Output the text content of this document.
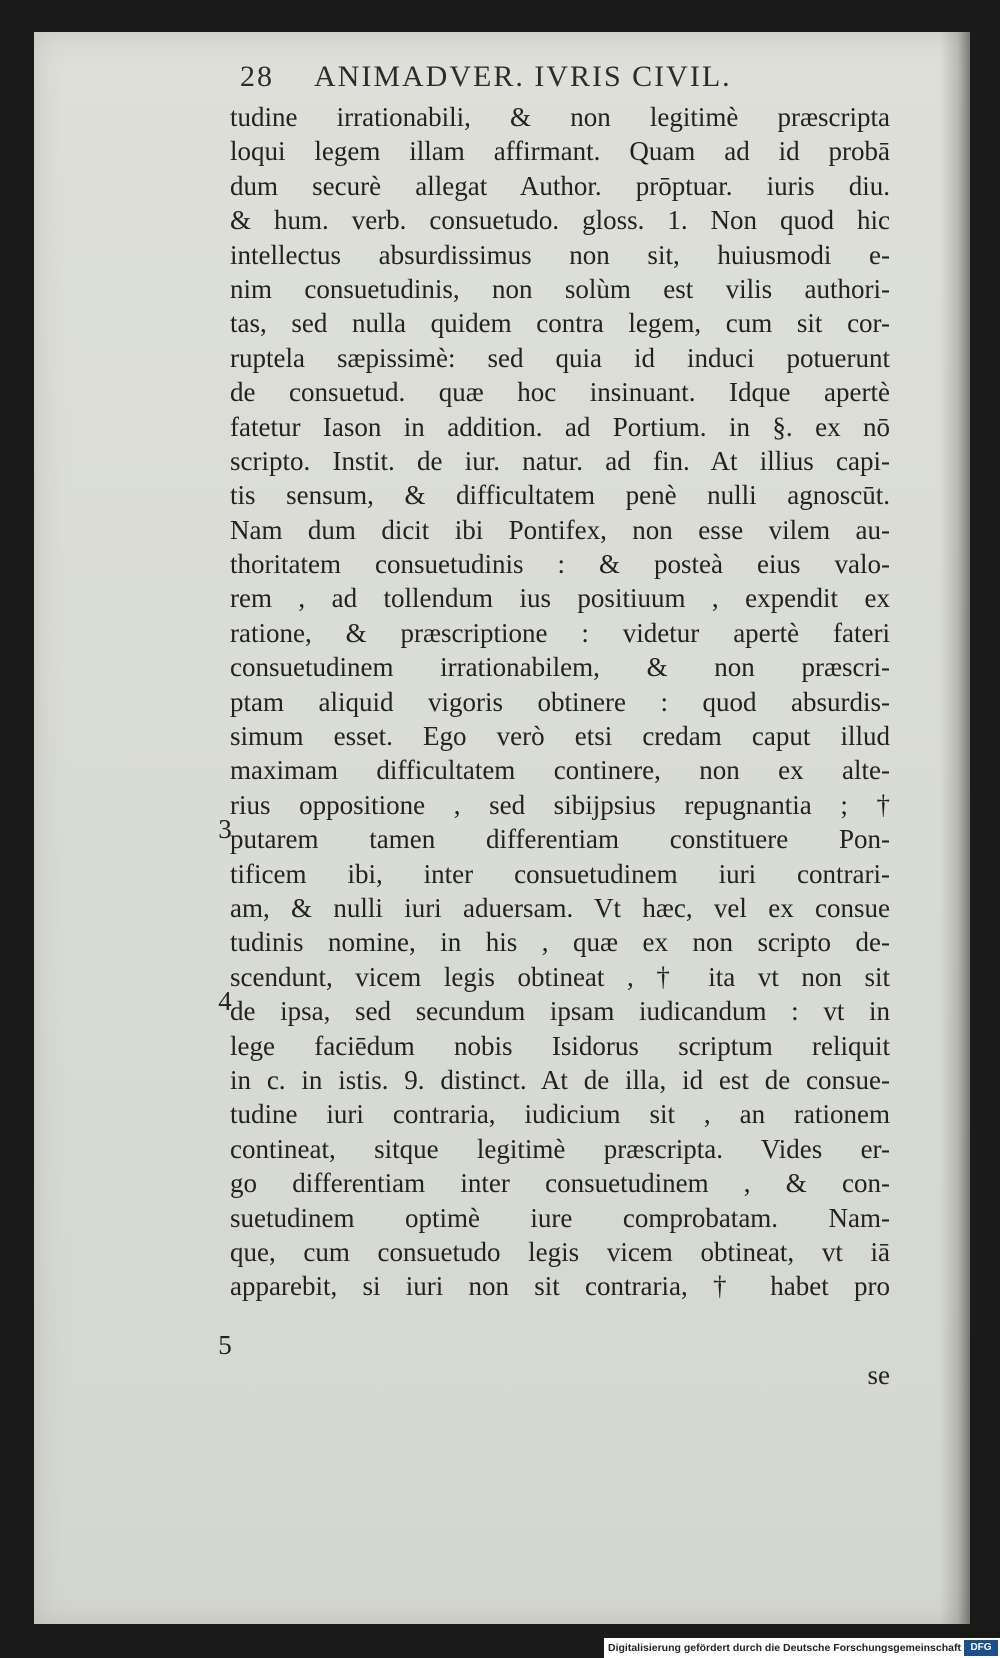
28 ANIMADVER. IVRIS CIVIL.
tudine irrationabili, & non legitimè præscripta
loqui legem illam affirmant. Quam ad id probā
dum securè allegat Author. prōptuar. iuris diu.
& hum. verb. consuetudo. gloss. 1. Non quod hic
intellectus absurdissimus non sit, huiusmodi e-
nim consuetudinis, non solùm est vilis authori-
tas, sed nulla quidem contra legem, cum sit cor-
ruptela sæpissimè: sed quia id induci potuerunt
de consuetud. quæ hoc insinuant. Idque apertè
fatetur Iason in addition. ad Portium. in §. ex nō
scripto. Instit. de iur. natur. ad fin. At illius capi-
tis sensum, & difficultatem penè nulli agnoscūt.
Nam dum dicit ibi Pontifex, non esse vilem au-
thoritatem consuetudinis : & posteà eius valo-
rem , ad tollendum ius positiuum , expendit ex
ratione, & præscriptione : videtur apertè fateri
consuetudinem irrationabilem, & non præscri-
ptam aliquid vigoris obtinere : quod absurdis-
simum esset. Ego verò etsi credam caput illud
maximam difficultatem continere, non ex alte-
rius oppositione , sed sibijpsius repugnantia ; †
putarem tamen differentiam constituere Pon-
tificem ibi, inter consuetudinem iuri contrari-
am, & nulli iuri aduersam. Vt hæc, vel ex consue
tudinis nomine, in his , quæ ex non scripto de-
scendunt, vicem legis obtineat , † ita vt non sit
de ipsa, sed secundum ipsam iudicandum : vt in
lege faciēdum nobis Isidorus scriptum reliquit
in c. in istis. 9. distinct. At de illa, id est de consue-
tudine iuri contraria, iudicium sit , an rationem
contineat, sitque legitimè præscripta. Vides er-
go differentiam inter consuetudinem , & con-
suetudinem optimè iure comprobatam. Nam-
que, cum consuetudo legis vicem obtineat, vt iā
apparebit, si iuri non sit contraria, † habet pro
se
3
4
5
Digitalisierung gefördert durch die Deutsche Forschungsgemeinschaft DFG
